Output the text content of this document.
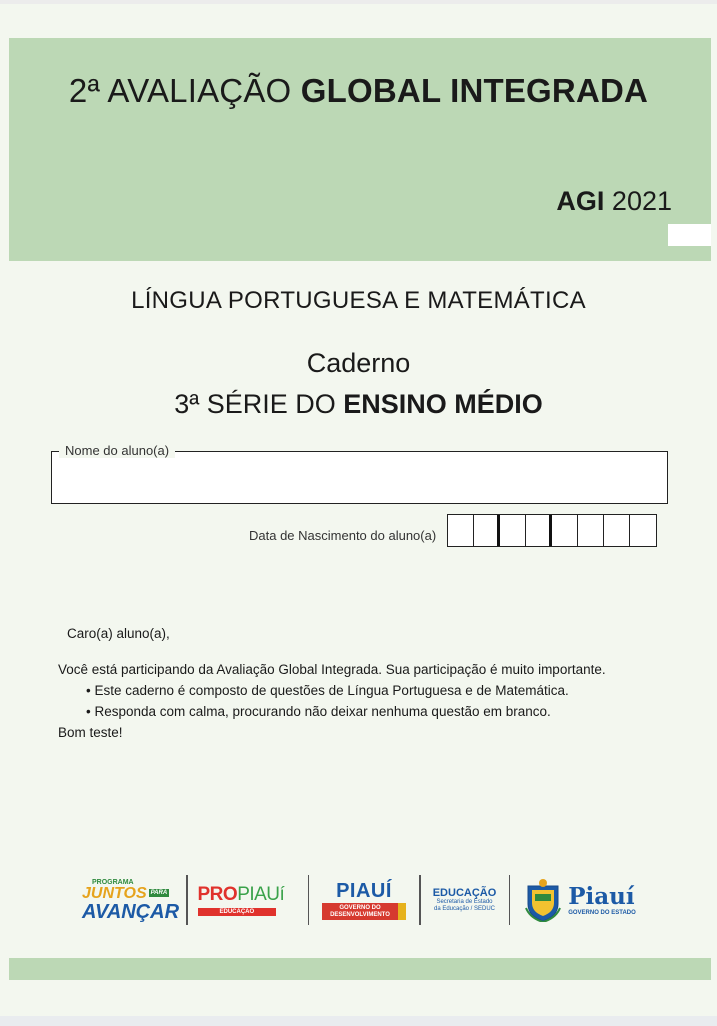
2ª AVALIAÇÃO GLOBAL INTEGRADA
AGI 2021
LÍNGUA PORTUGUESA E MATEMÁTICA
Caderno
3ª SÉRIE DO ENSINO MÉDIO
Nome do aluno(a)
Data de Nascimento do aluno(a)
Caro(a) aluno(a),
Você está participando da Avaliação Global Integrada. Sua participação é muito importante.
• Este caderno é composto de questões de Língua Portuguesa e de Matemática.
• Responda com calma, procurando não deixar nenhuma questão em branco.
Bom teste!
PROGRAMA
JUNTOS PARA
AVANÇAR
PROPIAUí
EDUCAÇÃO
PIAUÍ
GOVERNO DO
DESENVOLVIMENTO
EDUCAÇÃO
Secretaria de Estado
da Educação / SEDUC	Piauí
GOVERNO DO ESTADO
